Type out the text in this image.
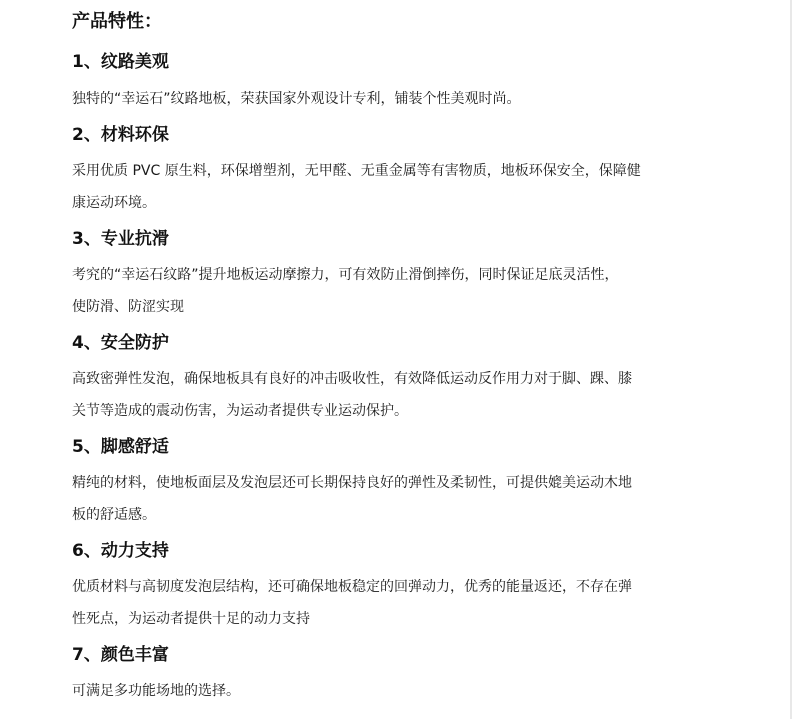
产品特性：
1、纹路美观

独特的“幸运石”纹路地板，荣获国家外观设计专利，铺装个性美观时尚。

2、材料环保

采用优质 PVC 原生料，环保增塑剂，无甲醛、无重金属等有害物质，地板环保安全，保障健
康运动环境。

3、专业抗滑

考究的“幸运石纹路”提升地板运动摩擦力，可有效防止滑倒摔伤，同时保证足底灵活性，
使防滑、防涩实现

4、安全防护

高致密弹性发泡，确保地板具有良好的冲击吸收性，有效降低运动反作用力对于脚、踝、膝
关节等造成的震动伤害，为运动者提供专业运动保护。

5、脚感舒适

精纯的材料，使地板面层及发泡层还可长期保持良好的弹性及柔韧性，可提供媲美运动木地
板的舒适感。

6、动力支持

优质材料与高韧度发泡层结构，还可确保地板稳定的回弹动力，优秀的能量返还，不存在弹
性死点，为运动者提供十足的动力支持

7、颜色丰富

可满足多功能场地的选择。
